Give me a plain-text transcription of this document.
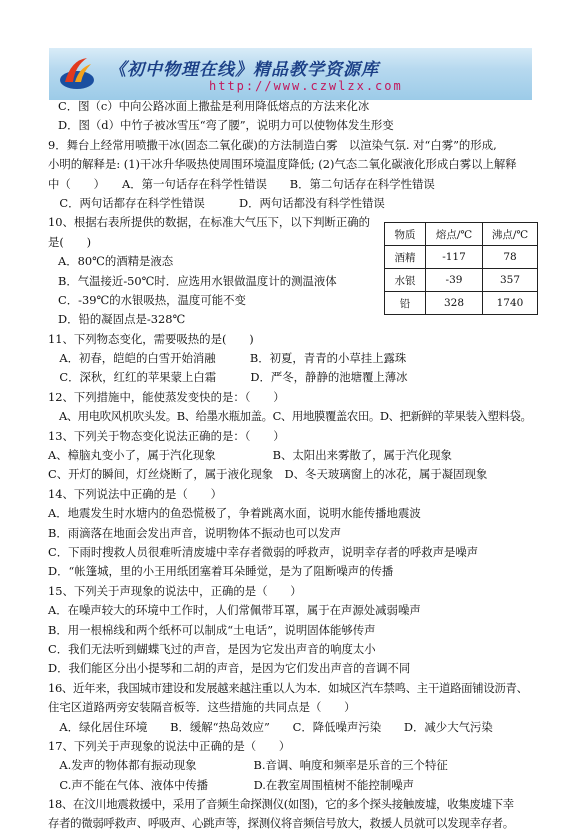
《初中物理在线》精品教学资源库
http://www.czwlzx.com
C．图（c）中向公路冰面上撒盐是利用降低熔点的方法来化冰
D．图（d）中竹子被冰雪压“弯了腰”，说明力可以使物体发生形变
9．舞台上经常用喷撒干冰(固态二氧化碳)的方法制造白雾　以渲染气氛. 对“白雾”的形成,
小明的解释是: (1)干冰升华吸热使周围环境温度降低; (2)气态二氧化碳液化形成白雾以上解释
中（　　）　　A．第一句话存在科学性错误　　B．第二句话存在科学性错误
　C．两句话都存在科学性错误　　　D．两句话都没有科学性错误
10、根据右表所提供的数据，在标准大气压下，以下判断正确的
是(　　)
A．80℃的酒精是液态
B．气温接近-50℃时．应选用水银做温度计的测温液体
C．-39℃的水银吸热，温度可能不变
D．铅的凝固点是-328℃
11、下列物态变化，需要吸热的是(　　)
　A．初春，皑皑的白雪开始消融　　　B．初夏，青青的小草挂上露珠
　C．深秋，红红的苹果蒙上白霜　　　D．严冬，静静的池塘覆上薄冰
12、下列措施中，能使蒸发变快的是：（　　）
　A、用电吹风机吹头发。B、给墨水瓶加盖。C、用地膜覆盖农田。D、把新鲜的苹果装入塑料袋。
13、下列关于物态变化说法正确的是：（　　）
A、樟脑丸变小了，属于汽化现象　　　　　B、太阳出来雾散了，属于汽化现象
C、开灯的瞬间，灯丝烧断了，属于液化现象　D、冬天玻璃窗上的冰花，属于凝固现象
14、下列说法中正确的是（　　）
A．地震发生时水塘内的鱼恐慌极了，争着跳离水面，说明水能传播地震波
B．雨滴落在地面会发出声音，说明物体不振动也可以发声
C．下雨时搜救人员很难听清废墟中幸存者微弱的呼救声，说明幸存者的呼救声是噪声
D．“帐篷城，里的小王用纸团塞着耳朵睡觉，是为了阻断噪声的传播
15、下列关于声现象的说法中，正确的是（　　）
A．在噪声较大的环境中工作时，人们常佩带耳罩，属于在声源处减弱噪声
B．用一根棉线和两个纸杯可以制成“土电话”，说明固体能够传声
C．我们无法听到蝴蝶飞过的声音，是因为它发出声音的响度太小
D．我们能区分出小提琴和二胡的声音，是因为它们发出声音的音调不同
16、近年来，我国城市建设和发展越来越注重以人为本．如城区汽车禁鸣、主干道路面铺设沥青、
住宅区道路两旁安装隔音板等．这些措施的共同点是（　　）
　A．绿化居住环境　　B．缓解“热岛效应”　　C．降低噪声污染　　D．减少大气污染
17、下列关于声现象的说法中正确的是（　　）
　A.发声的物体都有振动现象　　　　　B.音调、响度和频率是乐音的三个特征
　C.声不能在气体、液体中传播　　　　D.在教室周围植树不能控制噪声
18、在汶川地震救援中，采用了音频生命探测仪(如图)，它的多个探头接触废墟，收集废墟下幸
存者的微弱呼救声、呼吸声、心跳声等，探测仪将音频信号放大，救援人员就可以发现幸存者。
物质	熔点/℃	沸点/℃
酒精	-117	78
水银	-39	357
铅	328	1740
